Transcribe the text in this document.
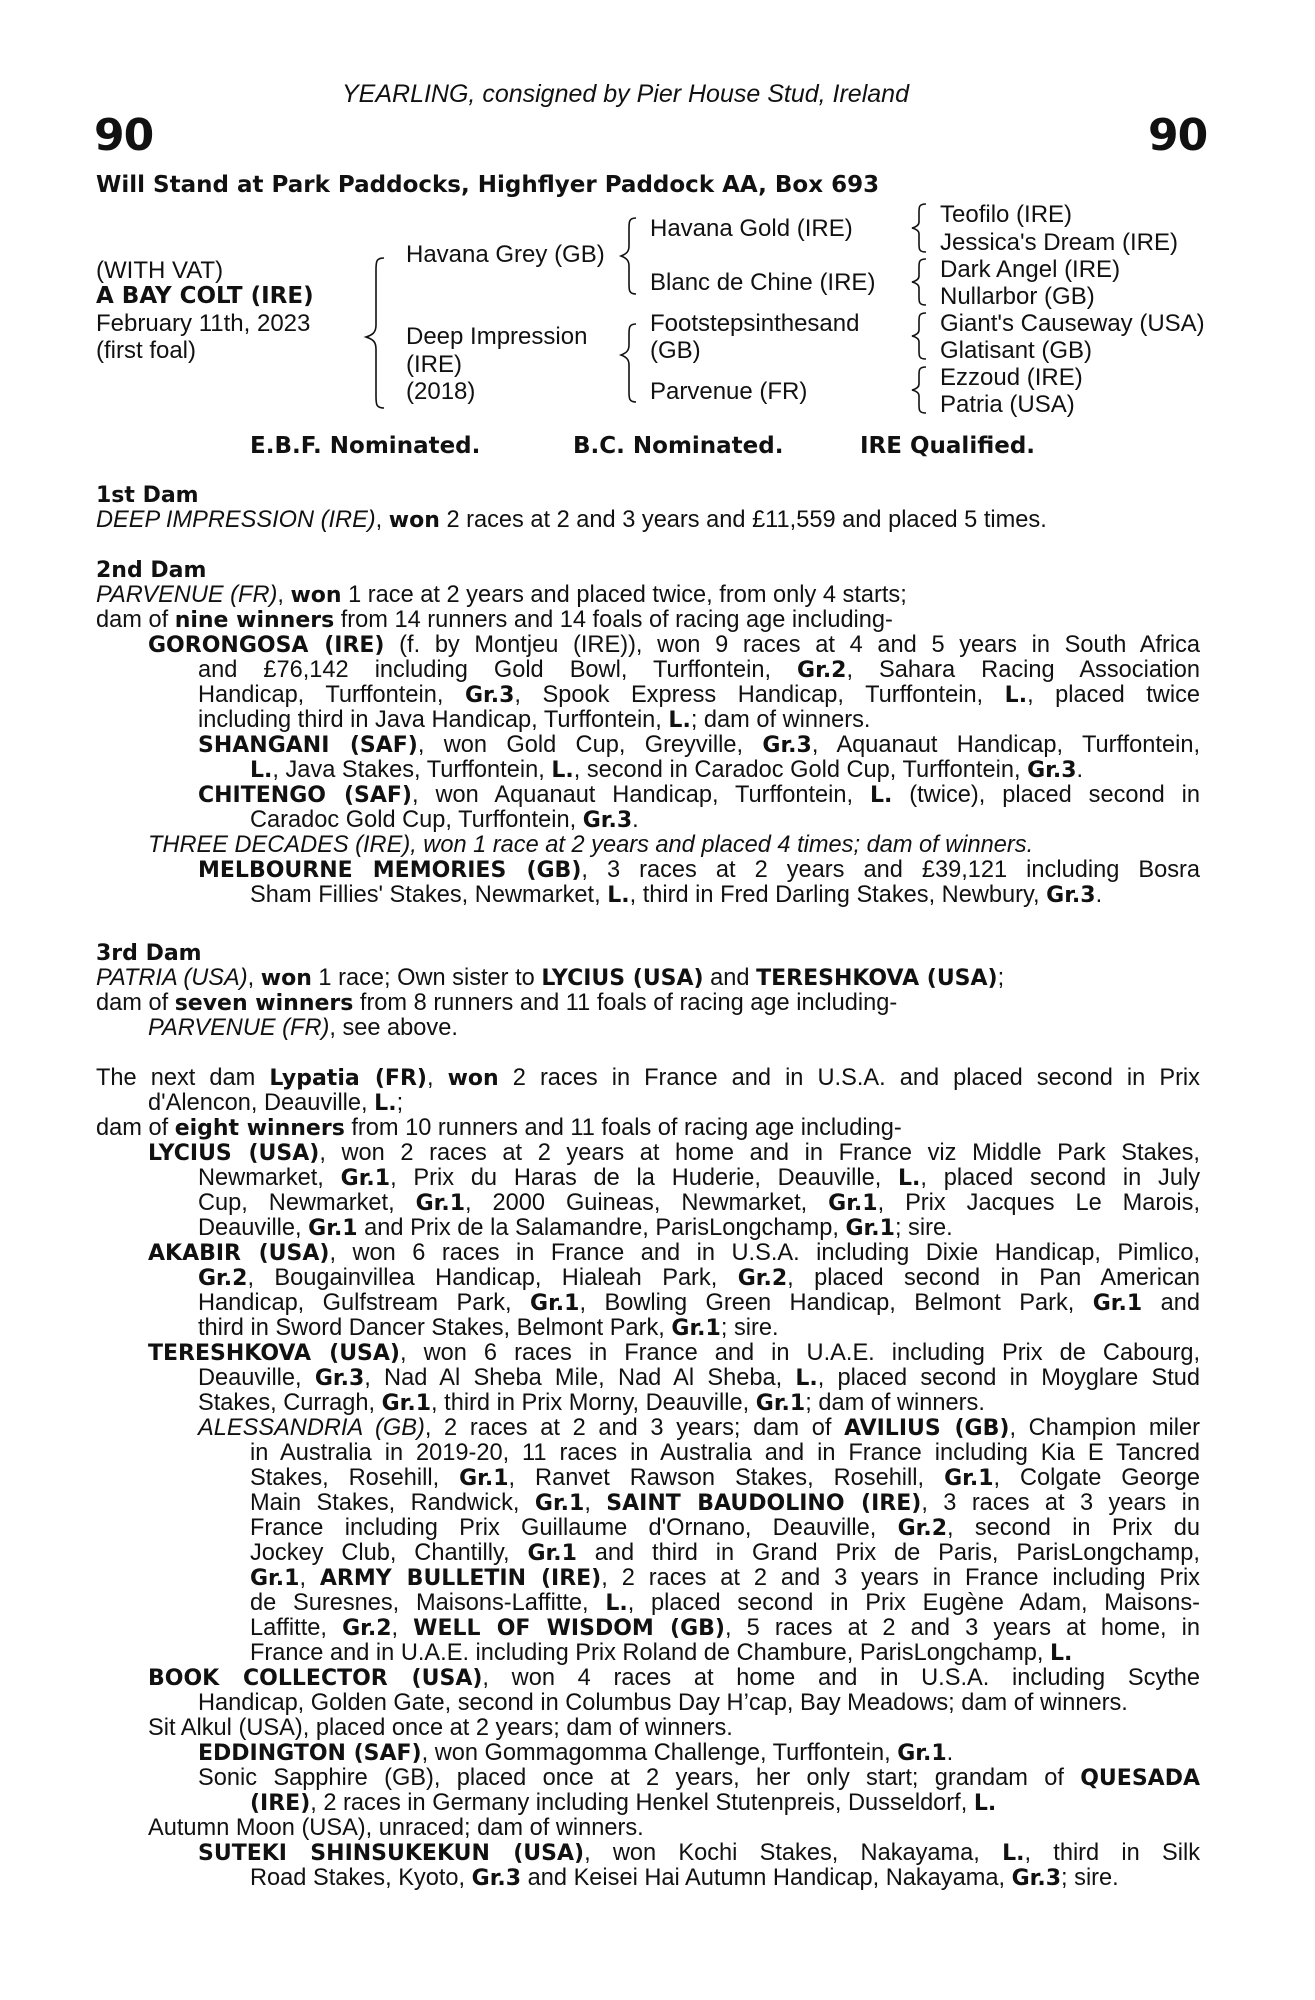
YEARLING, consigned by Pier House Stud, Ireland
90	90
Will Stand at Park Paddocks, Highflyer Paddock AA, Box 693
(WITH VAT)
A BAY COLT (IRE)
February 11th, 2023
(first foal)
Havana Grey (GB)
Deep Impression
(IRE)
(2018)
Havana Gold (IRE)
Blanc de Chine (IRE)
Footstepsinthesand
(GB)
Parvenue (FR)
Teofilo (IRE)
Jessica's Dream (IRE)
Dark Angel (IRE)
Nullarbor (GB)
Giant's Causeway (USA)
Glatisant (GB)
Ezzoud (IRE)
Patria (USA)
E.B.F. Nominated.	B.C. Nominated.	IRE Qualified.
1st Dam
2nd Dam
3rd Dam
DEEP IMPRESSION (IRE), won 2 races at 2 and 3 years and £11,559 and placed 5 times.
PARVENUE (FR), won 1 race at 2 years and placed twice, from only 4 starts;
dam of nine winners from 14 runners and 14 foals of racing age including-
GORONGOSA (IRE) (f. by Montjeu (IRE)), won 9 races at 4 and 5 years in South Africa
and £76,142 including Gold Bowl, Turffontein, Gr.2, Sahara Racing Association
Handicap, Turffontein, Gr.3, Spook Express Handicap, Turffontein, L., placed twice
including third in Java Handicap, Turffontein, L.; dam of winners.
SHANGANI (SAF), won Gold Cup, Greyville, Gr.3, Aquanaut Handicap, Turffontein,
L., Java Stakes, Turffontein, L., second in Caradoc Gold Cup, Turffontein, Gr.3.
CHITENGO (SAF), won Aquanaut Handicap, Turffontein, L. (twice), placed second in
Caradoc Gold Cup, Turffontein, Gr.3.
THREE DECADES (IRE), won 1 race at 2 years and placed 4 times; dam of winners.
MELBOURNE MEMORIES (GB), 3 races at 2 years and £39,121 including Bosra
Sham Fillies' Stakes, Newmarket, L., third in Fred Darling Stakes, Newbury, Gr.3.
PATRIA (USA), won 1 race; Own sister to LYCIUS (USA) and TERESHKOVA (USA);
dam of seven winners from 8 runners and 11 foals of racing age including-
PARVENUE (FR), see above.
The next dam Lypatia (FR), won 2 races in France and in U.S.A. and placed second in Prix
d'Alencon, Deauville, L.;
dam of eight winners from 10 runners and 11 foals of racing age including-
LYCIUS (USA), won 2 races at 2 years at home and in France viz Middle Park Stakes,
Newmarket, Gr.1, Prix du Haras de la Huderie, Deauville, L., placed second in July
Cup, Newmarket, Gr.1, 2000 Guineas, Newmarket, Gr.1, Prix Jacques Le Marois,
Deauville, Gr.1 and Prix de la Salamandre, ParisLongchamp, Gr.1; sire.
AKABIR (USA), won 6 races in France and in U.S.A. including Dixie Handicap, Pimlico,
Gr.2, Bougainvillea Handicap, Hialeah Park, Gr.2, placed second in Pan American
Handicap, Gulfstream Park, Gr.1, Bowling Green Handicap, Belmont Park, Gr.1 and
third in Sword Dancer Stakes, Belmont Park, Gr.1; sire.
TERESHKOVA (USA), won 6 races in France and in U.A.E. including Prix de Cabourg,
Deauville, Gr.3, Nad Al Sheba Mile, Nad Al Sheba, L., placed second in Moyglare Stud
Stakes, Curragh, Gr.1, third in Prix Morny, Deauville, Gr.1; dam of winners.
ALESSANDRIA (GB), 2 races at 2 and 3 years; dam of AVILIUS (GB), Champion miler
in Australia in 2019-20, 11 races in Australia and in France including Kia E Tancred
Stakes, Rosehill, Gr.1, Ranvet Rawson Stakes, Rosehill, Gr.1, Colgate George
Main Stakes, Randwick, Gr.1, SAINT BAUDOLINO (IRE), 3 races at 3 years in
France including Prix Guillaume d'Ornano, Deauville, Gr.2, second in Prix du
Jockey Club, Chantilly, Gr.1 and third in Grand Prix de Paris, ParisLongchamp,
Gr.1, ARMY BULLETIN (IRE), 2 races at 2 and 3 years in France including Prix
de Suresnes, Maisons-Laffitte, L., placed second in Prix Eugène Adam, Maisons-
Laffitte, Gr.2, WELL OF WISDOM (GB), 5 races at 2 and 3 years at home, in
France and in U.A.E. including Prix Roland de Chambure, ParisLongchamp, L.
BOOK COLLECTOR (USA), won 4 races at home and in U.S.A. including Scythe
Handicap, Golden Gate, second in Columbus Day H’cap, Bay Meadows; dam of winners.
Sit Alkul (USA), placed once at 2 years; dam of winners.
EDDINGTON (SAF), won Gommagomma Challenge, Turffontein, Gr.1.
Sonic Sapphire (GB), placed once at 2 years, her only start; grandam of QUESADA
(IRE), 2 races in Germany including Henkel Stutenpreis, Dusseldorf, L.
Autumn Moon (USA), unraced; dam of winners.
SUTEKI SHINSUKEKUN (USA), won Kochi Stakes, Nakayama, L., third in Silk
Road Stakes, Kyoto, Gr.3 and Keisei Hai Autumn Handicap, Nakayama, Gr.3; sire.
